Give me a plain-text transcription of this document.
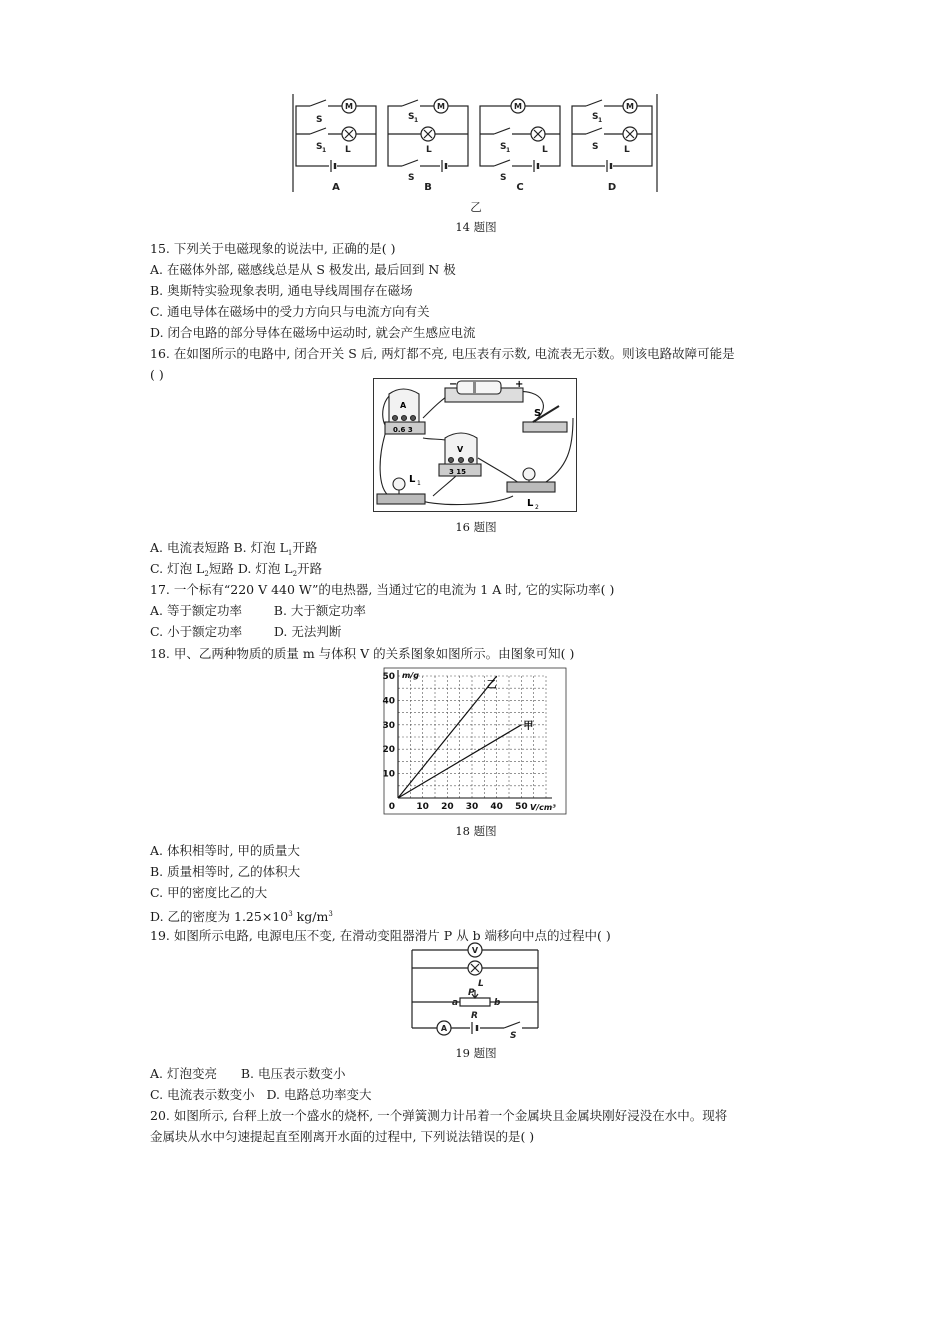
M	M	M	M
S
S 1 L
S 1
L
S
S 1	L
S
S 1
S	L
A	B	C	D
乙
14 题图
15. 下列关于电磁现象的说法中, 正确的是( )
A. 在磁体外部, 磁感线总是从 S 极发出, 最后回到 N 极
B. 奥斯特实验现象表明, 通电导线周围存在磁场
C. 通电导体在磁场中的受力方向只与电流方向有关
D. 闭合电路的部分导体在磁场中运动时, 就会产生感应电流
16. 在如图所示的电路中, 闭合开关 S 后, 两灯都不亮, 电压表有示数, 电流表无示数。则该电路故障可能是
( )
−	+
A
0.6 3
V
3 15
S
L 1
L 2
16 题图
A. 电流表短路 B. 灯泡 $L_1$开路
C. 灯泡 $L_2$短路 D. 灯泡 $L_2$开路
17. 一个标有“220 V 440 W”的电热器, 当通过它的电流为 1 A 时, 它的实际功率( )
A. 等于额定功率        B. 大于额定功率
C. 小于额定功率        D. 无法判断
18. 甲、乙两种物质的质量 m 与体积 V 的关系图象如图所示。由图象可知( )
10 20 30 40 50
10
20
30
40
50
0	V/cm³
m/g
乙
甲
18 题图
A. 体积相等时, 甲的质量大
B. 质量相等时, 乙的体积大
C. 甲的密度比乙的大
D. 乙的密度为 $1.25\times 10^3$ $kg/m^3$
19. 如图所示电路, 电源电压不变, 在滑动变阻器滑片 P 从 b 端移向中点的过程中( )
V
A
L
P
a	b
R
S
19 题图
A. 灯泡变亮      B. 电压表示数变小
C. 电流表示数变小   D. 电路总功率变大
20. 如图所示, 台秤上放一个盛水的烧杯, 一个弹簧测力计吊着一个金属块且金属块刚好浸没在水中。现将
金属块从水中匀速提起直至刚离开水面的过程中, 下列说法错误的是( )
